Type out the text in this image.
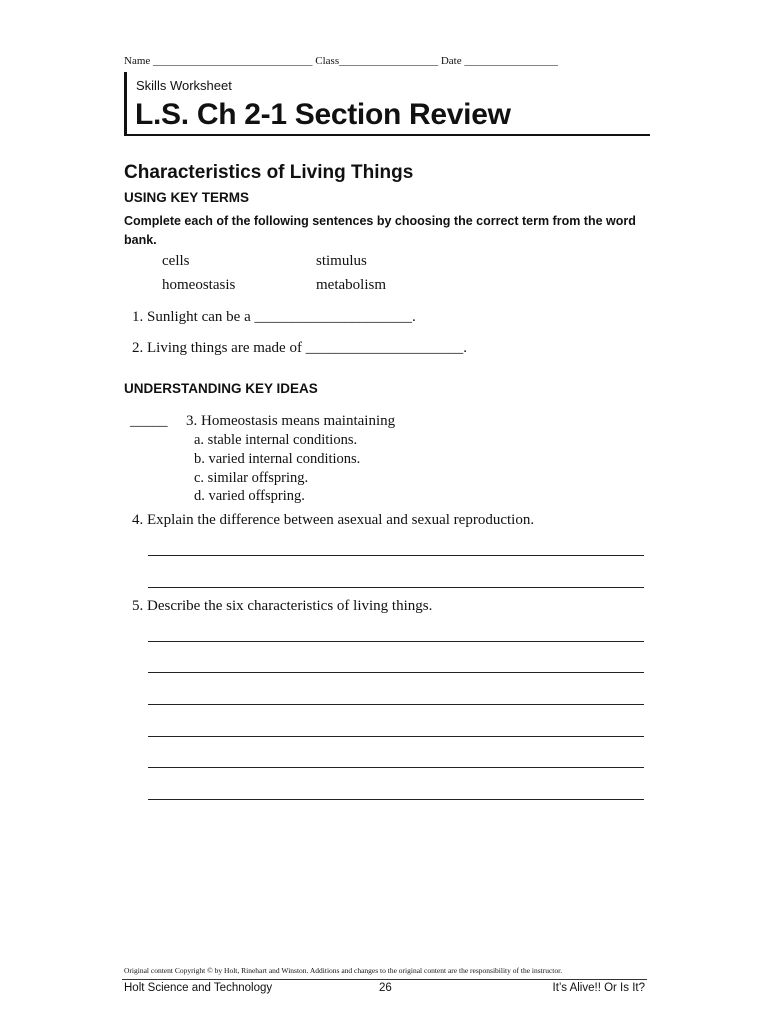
Name _____________________________ Class__________________ Date _________________
Skills Worksheet
L.S. Ch 2-1 Section Review
Characteristics of Living Things
USING KEY TERMS
Complete each of the following sentences by choosing the correct term from the word bank.
cells	stimulus
homeostasis	metabolism
1. Sunlight can be a _____________________.
2. Living things are made of _____________________.
UNDERSTANDING KEY IDEAS
_____ 3. Homeostasis means maintaining
a. stable internal conditions.
b. varied internal conditions.
c. similar offspring.
d. varied offspring.
4. Explain the difference between asexual and sexual reproduction.
5. Describe the six characteristics of living things.
Original content Copyright © by Holt, Rinehart and Winston. Additions and changes to the original content are the responsibility of the instructor.
Holt Science and Technology	26	It’s Alive!! Or Is It?
